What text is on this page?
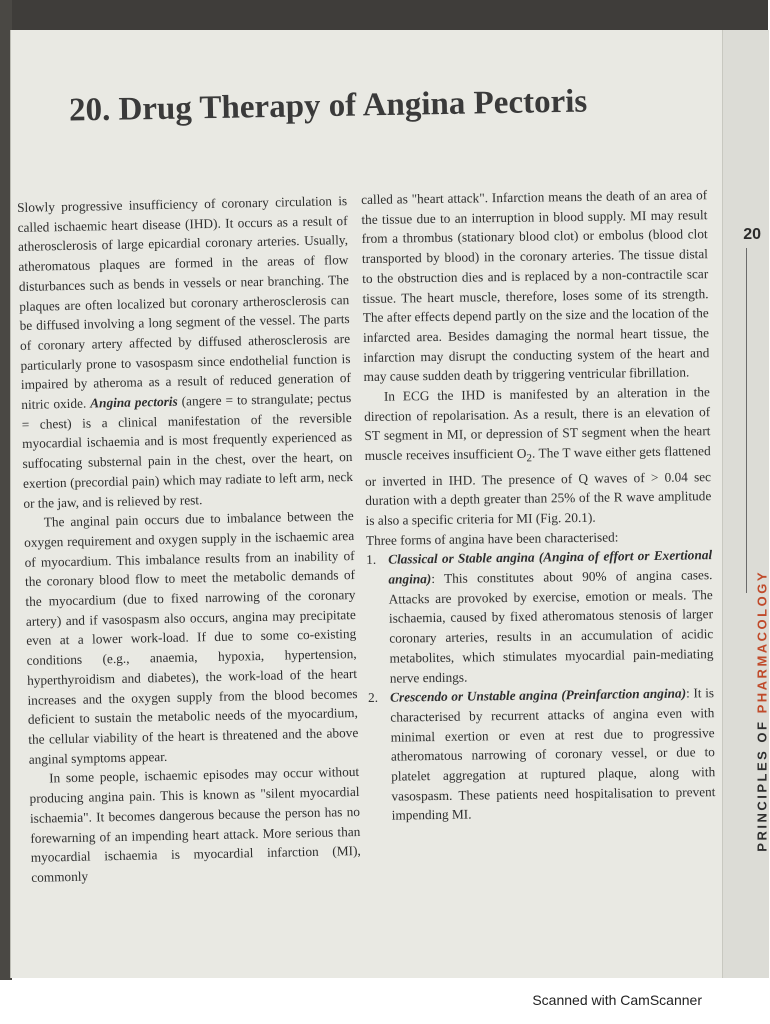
20. Drug Therapy of Angina Pectoris

Slowly progressive insufficiency of coronary circulation is called ischaemic heart disease (IHD). It occurs as a result of atherosclerosis of large epicardial coronary arteries. Usually, atheromatous plaques are formed in the areas of flow disturbances such as bends in vessels or near branching. The plaques are often localized but coronary artherosclerosis can be diffused involving a long segment of the vessel. The parts of coronary artery affected by diffused atherosclerosis are particularly prone to vasospasm since endothelial function is impaired by atheroma as a result of reduced generation of nitric oxide. Angina pectoris (angere = to strangulate; pectus = chest) is a clinical manifestation of the reversible myocardial ischaemia and is most frequently experienced as suffocating substernal pain in the chest, over the heart, on exertion (precordial pain) which may radiate to left arm, neck or the jaw, and is relieved by rest.

The anginal pain occurs due to imbalance between the oxygen requirement and oxygen supply in the ischaemic area of myocardium. This imbalance results from an inability of the coronary blood flow to meet the metabolic demands of the myocardium (due to fixed narrowing of the coronary artery) and if vasospasm also occurs, angina may precipitate even at a lower work-load. If due to some co-existing conditions (e.g., anaemia, hypoxia, hypertension, hyperthyroidism and diabetes), the work-load of the heart increases and the oxygen supply from the blood becomes deficient to sustain the metabolic needs of the myocardium, the cellular viability of the heart is threatened and the above anginal symptoms appear.

In some people, ischaemic episodes may occur without producing angina pain. This is known as "silent myocardial ischaemia". It becomes dangerous because the person has no forewarning of an impending heart attack. More serious than myocardial ischaemia is myocardial infarction (MI), commonly

called as "heart attack". Infarction means the death of an area of the tissue due to an interruption in blood supply. MI may result from a thrombus (stationary blood clot) or embolus (blood clot transported by blood) in the coronary arteries. The tissue distal to the obstruction dies and is replaced by a non-contractile scar tissue. The heart muscle, therefore, loses some of its strength. The after effects depend partly on the size and the location of the infarcted area. Besides damaging the normal heart tissue, the infarction may disrupt the conducting system of the heart and may cause sudden death by triggering ventricular fibrillation.

In ECG the IHD is manifested by an alteration in the direction of repolarisation. As a result, there is an elevation of ST segment in MI, or depression of ST segment when the heart muscle receives insufficient $O_2$. The T wave either gets flattened or inverted in IHD. The presence of Q waves of > 0.04 sec duration with a depth greater than 25% of the R wave amplitude is also a specific criteria for MI (Fig. 20.1).

Three forms of angina have been characterised:

1. Classical or Stable angina (Angina of effort or Exertional angina): This constitutes about 90% of angina cases. Attacks are provoked by exercise, emotion or meals. The ischaemia, caused by fixed atheromatous stenosis of larger coronary arteries, results in an accumulation of acidic metabolites, which stimulates myocardial pain-mediating nerve endings.
2. Crescendo or Unstable angina (Preinfarction angina): It is characterised by recurrent attacks of angina even with minimal exertion or even at rest due to progressive atheromatous narrowing of coronary vessel, or due to platelet aggregation at ruptured plaque, along with vasospasm. These patients need hospitalisation to prevent impending MI.
20
PRINCIPLES OF PHARMACOLOGY
Scanned with CamScanner
